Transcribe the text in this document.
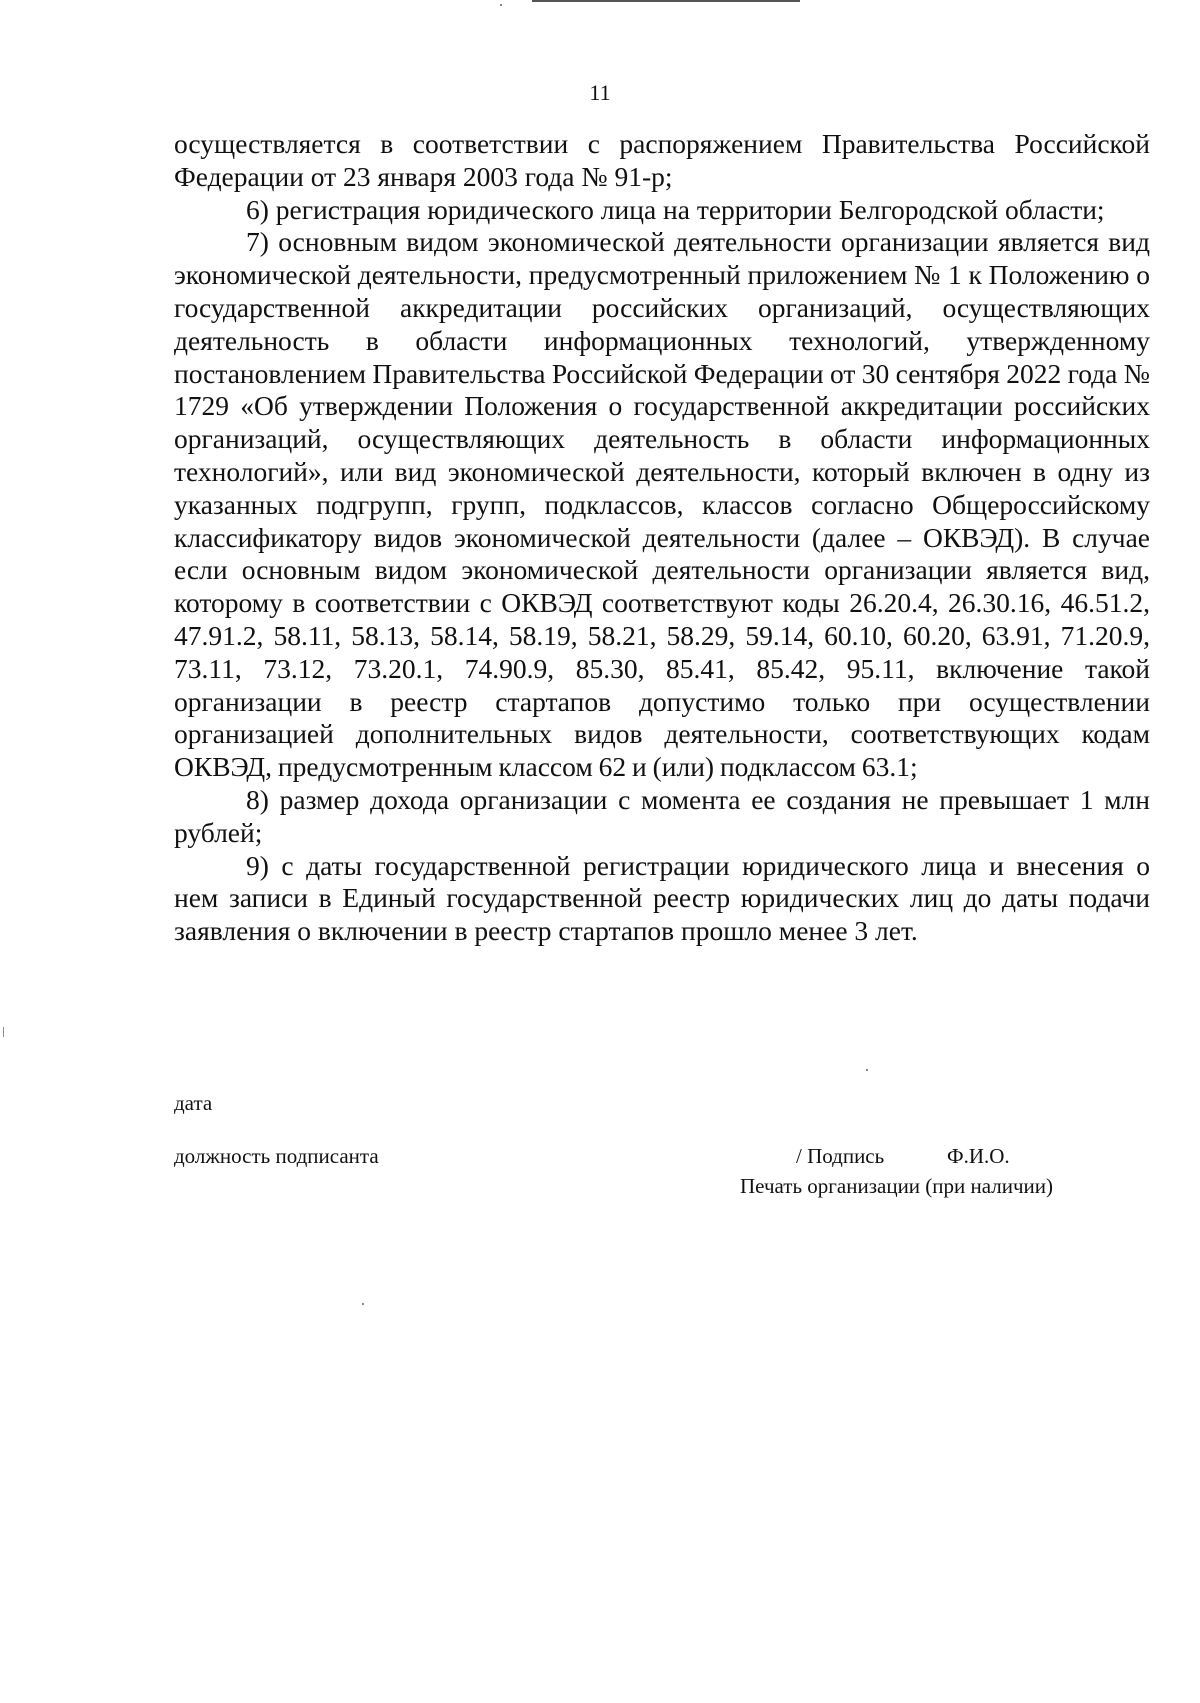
11

осуществляется в соответствии с распоряжением Правительства Российской Федерации от 23 января 2003 года № 91-р;

6) регистрация юридического лица на территории Белгородской области;

7) основным видом экономической деятельности организации является вид экономической деятельности, предусмотренный приложением № 1 к Положению о государственной аккредитации российских организаций, осуществляющих деятельность в области информационных технологий, утвержденному постановлением Правительства Российской Федерации от 30 сентября 2022 года № 1729 «Об утверждении Положения о государственной аккредитации российских организаций, осуществляющих деятельность в области информационных технологий», или вид экономической деятельности, который включен в одну из указанных подгрупп, групп, подклассов, классов согласно Общероссийскому классификатору видов экономической деятельности (далее – ОКВЭД). В случае если основным видом экономической деятельности организации является вид, которому в соответствии с ОКВЭД соответствуют коды 26.20.4, 26.30.16, 46.51.2, 47.91.2, 58.11, 58.13, 58.14, 58.19, 58.21, 58.29, 59.14, 60.10, 60.20, 63.91, 71.20.9, 73.11, 73.12, 73.20.1, 74.90.9, 85.30, 85.41, 85.42, 95.11, включение такой организации в реестр стартапов допустимо только при осуществлении организацией дополнительных видов деятельности, соответствующих кодам ОКВЭД, предусмотренным классом 62 и (или) подклассом 63.1;

8) размер дохода организации с момента ее создания не превышает 1 млн рублей;

9) с даты государственной регистрации юридического лица и внесения о нем записи в Единый государственной реестр юридических лиц до даты подачи заявления о включении в реестр стартапов прошло менее 3 лет.

дата
должность подписанта	/ Подпись	Ф.И.О.
Печать организации (при наличии)
